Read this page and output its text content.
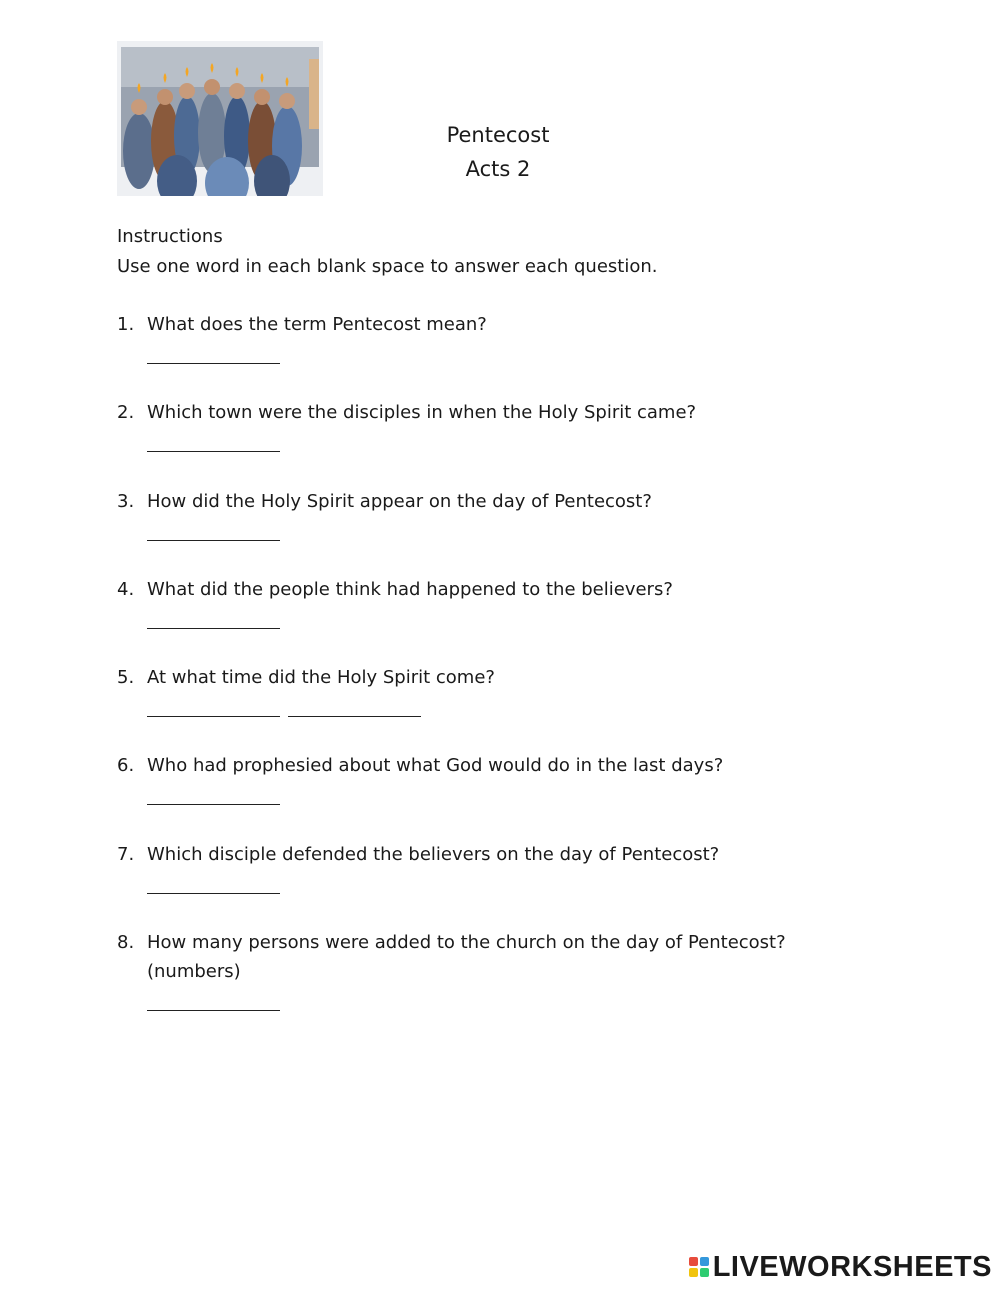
Pentecost
Acts 2
Instructions
Use one word in each blank space to answer each question.
1. What does the term Pentecost mean?
2. Which town were the disciples in when the Holy Spirit came?
3. How did the Holy Spirit appear on the day of Pentecost?
4. What did the people think had happened to the believers?
5. At what time did the Holy Spirit come?
6. Who had prophesied about what God would do in the last days?
7. Which disciple defended the believers on the day of Pentecost?
8. How many persons were added to the church on the day of Pentecost?
(numbers)
LIVEWORKSHEETS
